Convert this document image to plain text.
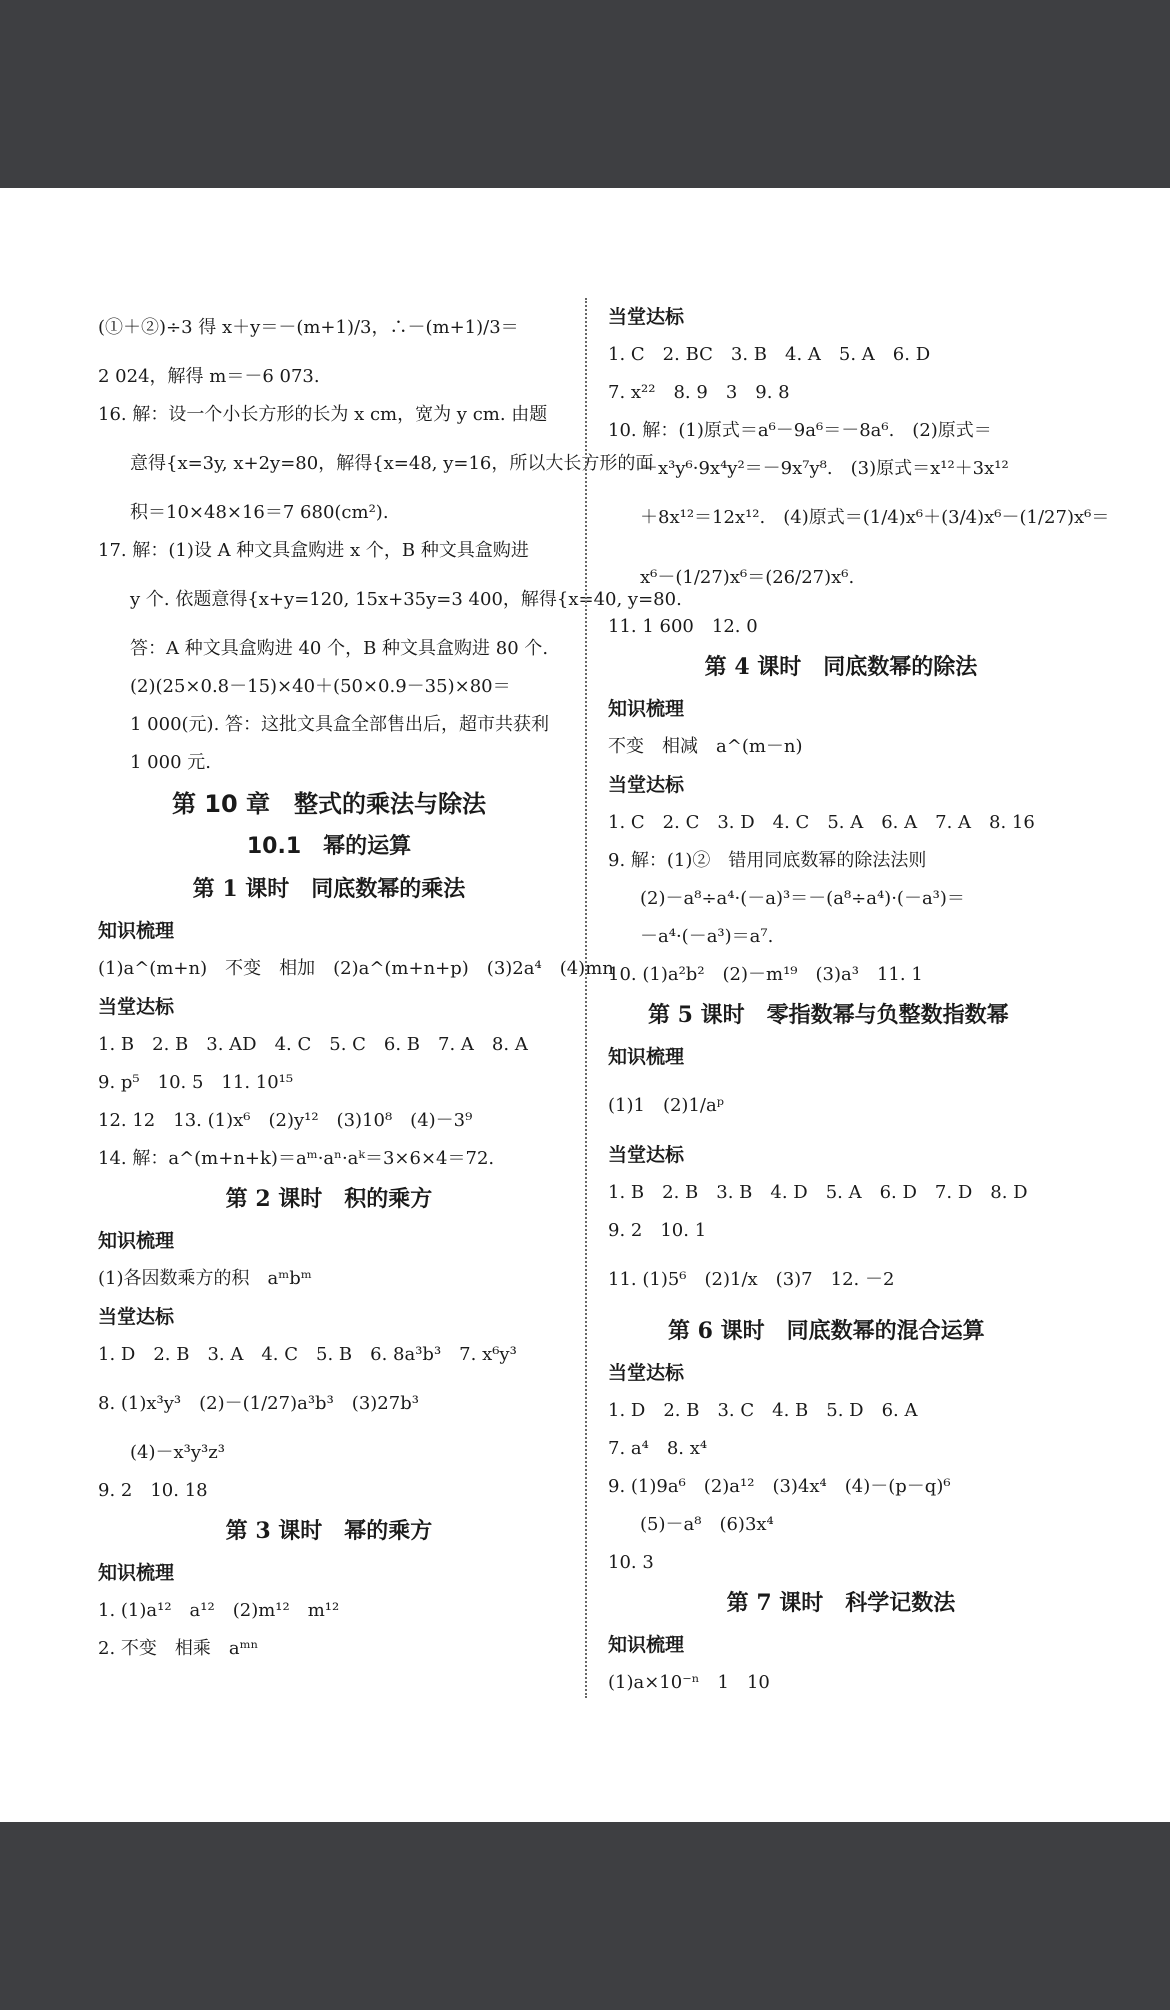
(①＋②)÷3 得 x＋y＝－(m+1)/3，∴－(m+1)/3＝
2 024，解得 m＝－6 073.
16. 解：设一个小长方形的长为 x cm，宽为 y cm. 由题
意得{x=3y, x+2y=80，解得{x=48, y=16，所以大长方形的面
积＝10×48×16＝7 680(cm²).
17. 解：(1)设 A 种文具盒购进 x 个，B 种文具盒购进
y 个. 依题意得{x+y=120, 15x+35y=3 400，解得{x=40, y=80.
答：A 种文具盒购进 40 个，B 种文具盒购进 80 个.
(2)(25×0.8－15)×40＋(50×0.9－35)×80＝
1 000(元). 答：这批文具盒全部售出后，超市共获利
1 000 元.
第 10 章　整式的乘法与除法
10.1　幂的运算
第 1 课时　同底数幂的乘法
知识梳理
(1)a^(m+n)　不变　相加　(2)a^(m+n+p)　(3)2a⁴　(4)mn
当堂达标
1. B　2. B　3. AD　4. C　5. C　6. B　7. A　8. A
9. p⁵　10. 5　11. 10¹⁵
12. 12　13. (1)x⁶　(2)y¹²　(3)10⁸　(4)－3⁹
14. 解：a^(m+n+k)＝aᵐ·aⁿ·aᵏ＝3×6×4＝72.
第 2 课时　积的乘方
知识梳理
(1)各因数乘方的积　aᵐbᵐ
当堂达标
1. D　2. B　3. A　4. C　5. B　6. 8a³b³　7. x⁶y³
8. (1)x³y³　(2)－(1/27)a³b³　(3)27b³
(4)－x³y³z³
9. 2　10. 18
第 3 课时　幂的乘方
知识梳理
1. (1)a¹²　a¹²　(2)m¹²　m¹²
2. 不变　相乘　aᵐⁿ
当堂达标
1. C　2. BC　3. B　4. A　5. A　6. D
7. x²²　8. 9　3　9. 8
10. 解：(1)原式＝a⁶－9a⁶＝－8a⁶.　(2)原式＝
－x³y⁶·9x⁴y²＝－9x⁷y⁸.　(3)原式＝x¹²＋3x¹²
＋8x¹²＝12x¹².　(4)原式＝(1/4)x⁶＋(3/4)x⁶－(1/27)x⁶＝
x⁶－(1/27)x⁶＝(26/27)x⁶.
11. 1 600　12. 0
第 4 课时　同底数幂的除法
知识梳理
不变　相减　a^(m－n)
当堂达标
1. C　2. C　3. D　4. C　5. A　6. A　7. A　8. 16
9. 解：(1)②　错用同底数幂的除法法则
(2)－a⁸÷a⁴·(－a)³＝－(a⁸÷a⁴)·(－a³)＝
－a⁴·(－a³)＝a⁷.
10. (1)a²b²　(2)－m¹⁹　(3)a³　11. 1
第 5 课时　零指数幂与负整数指数幂
知识梳理
(1)1　(2)1/aᵖ
当堂达标
1. B　2. B　3. B　4. D　5. A　6. D　7. D　8. D
9. 2　10. 1
11. (1)5⁶　(2)1/x　(3)7　12. －2
第 6 课时　同底数幂的混合运算
当堂达标
1. D　2. B　3. C　4. B　5. D　6. A
7. a⁴　8. x⁴
9. (1)9a⁶　(2)a¹²　(3)4x⁴　(4)－(p－q)⁶
(5)－a⁸　(6)3x⁴
10. 3
第 7 课时　科学记数法
知识梳理
(1)a×10⁻ⁿ　1　10
